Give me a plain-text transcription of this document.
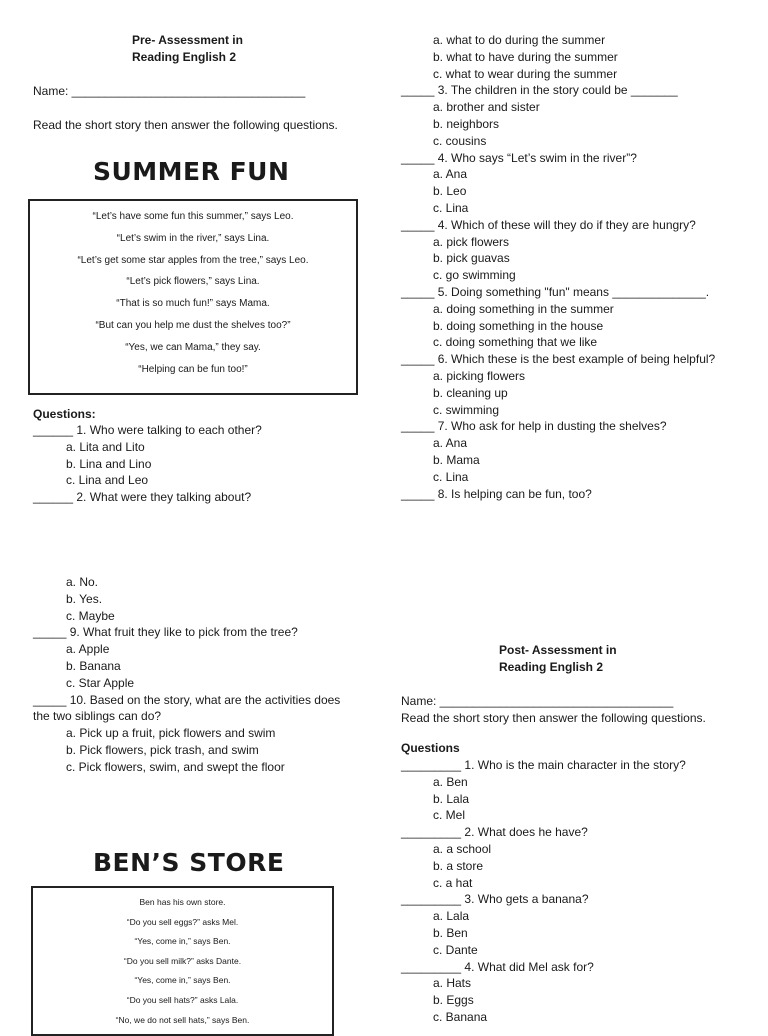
Pre- Assessment in
Reading English 2
Name: ___________________________________
Read the short story then answer the following questions.
SUMMER FUN
“Let’s have some fun this summer,” says Leo.
“Let’s swim in the river,” says Lina.
“Let’s get some star apples from the tree,” says Leo.
“Let’s pick flowers,” says Lina.
“That is so much fun!” says Mama.
“But can you help me dust the shelves too?”
“Yes, we can Mama,” they say.
“Helping can be fun too!”
Questions:
______ 1. Who were talking to each other?
a. Lita and Lito
b. Lina and Lino
c. Lina and Leo
______ 2. What were they talking about?
a. what to do during the summer
b. what to have during the summer
c. what to wear during the summer
_____ 3. The children in the story could be _______
a. brother and sister
b. neighbors
c. cousins
_____ 4. Who says “Let’s swim in the river”?
a. Ana
b. Leo
c. Lina
_____ 4. Which of these will they do if they are hungry?
a. pick flowers
b. pick guavas
c. go swimming
_____ 5. Doing something "fun" means ______________.
a. doing something in the summer
b. doing something in the house
c. doing something that we like
_____ 6. Which these is the best example of being helpful?
a. picking flowers
b. cleaning up
c. swimming
_____ 7. Who ask for help in dusting the shelves?
a. Ana
b. Mama
c. Lina
_____ 8. Is helping can be fun, too?
a. No.
b. Yes.
c. Maybe
_____ 9. What fruit they like to pick from the tree?
a. Apple
b. Banana
c. Star Apple
_____ 10. Based on the story, what are the activities does
the two siblings can do?
a. Pick up a fruit, pick flowers and swim
b. Pick flowers, pick trash, and swim
c. Pick flowers, swim, and swept the floor
BEN’S STORE
Ben has his own store.
“Do you sell eggs?” asks Mel.
“Yes, come in,” says Ben.
“Do you sell milk?” asks Dante.
“Yes, come in,” says Ben.
“Do you sell hats?” asks Lala.
“No, we do not sell hats,” says Ben.
Post- Assessment in
Reading English 2
Name: ___________________________________
Read the short story then answer the following questions.
Questions
_________ 1. Who is the main character in the story?
a. Ben
b. Lala
c. Mel
_________ 2. What does he have?
a. a school
b. a store
c. a hat
_________ 3. Who gets a banana?
a. Lala
b. Ben
c. Dante
_________ 4. What did Mel ask for?
a. Hats
b. Eggs
c. Banana
